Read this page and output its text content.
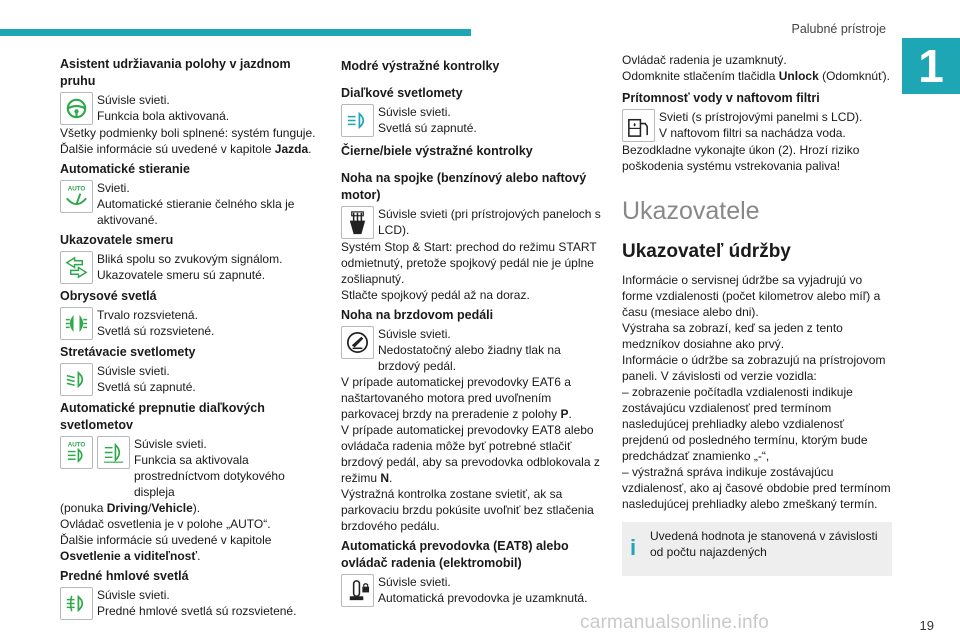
Palubné prístroje
1
Asistent udržiavania polohy v jazdnom pruhu

Súvisle svieti.

Funkcia bola aktivovaná.

Všetky podmienky boli splnené: systém funguje.

Ďalšie informácie sú uvedené v kapitole Jazda.

Automatické stieranie
AUTO Svieti.

Automatické stieranie čelného skla je aktivované.

Ukazovatele smeru

Bliká spolu so zvukovým signálom.

Ukazovatele smeru sú zapnuté.

Obrysové svetlá

Trvalo rozsvietená.

Svetlá sú rozsvietené.

Stretávacie svetlomety

Súvisle svieti.

Svetlá sú zapnuté.

Automatické prepnutie diaľkových svetlometov
AUTO	Súvisle svieti.

Funkcia sa aktivovala prostredníctvom dotykového displeja

(ponuka Driving/Vehicle).

Ovládač osvetlenia je v polohe „AUTO“.

Ďalšie informácie sú uvedené v kapitole Osvetlenie a viditeľnosť.

Predné hmlové svetlá

Súvisle svieti.

Predné hmlové svetlá sú rozsvietené.

Modré výstražné kontrolky
Diaľkové svetlomety

Súvisle svieti.

Svetlá sú zapnuté.

Čierne/biele výstražné kontrolky
Noha na spojke (benzínový alebo naftový motor)

Súvisle svieti (pri prístrojových paneloch s LCD).

Systém Stop & Start: prechod do režimu START odmietnutý, pretože spojkový pedál nie je úplne zošliapnutý.

Stlačte spojkový pedál až na doraz.

Noha na brzdovom pedáli

Súvisle svieti.

Nedostatočný alebo žiadny tlak na brzdový pedál.

V prípade automatickej prevodovky EAT6 a naštartovaného motora pred uvoľnením parkovacej brzdy na preradenie z polohy P.

V prípade automatickej prevodovky EAT8 alebo ovládača radenia môže byť potrebné stlačiť brzdový pedál, aby sa prevodovka odblokovala z režimu N.

Výstražná kontrolka zostane svietiť, ak sa parkovaciu brzdu pokúsite uvoľniť bez stlačenia brzdového pedálu.

Automatická prevodovka (EAT8) alebo ovládač radenia (elektromobil)

Súvisle svieti.

Automatická prevodovka je uzamknutá.

Ovládač radenia je uzamknutý.

Odomknite stlačením tlačidla Unlock (Odomknúť).

Prítomnosť vody v naftovom filtri

Svieti (s prístrojovými panelmi s LCD).

V naftovom filtri sa nachádza voda.

Bezodkladne vykonajte úkon (2). Hrozí riziko poškodenia systému vstrekovania paliva!

Ukazovatele
Ukazovateľ údržby

Informácie o servisnej údržbe sa vyjadrujú vo forme vzdialenosti (počet kilometrov alebo míľ) a času (mesiace alebo dni).

Výstraha sa zobrazí, keď sa jeden z tento medzníkov dosiahne ako prvý.

Informácie o údržbe sa zobrazujú na prístrojovom paneli. V závislosti od verzie vozidla:

– zobrazenie počítadla vzdialenosti indikuje zostávajúcu vzdialenosť pred termínom nasledujúcej prehliadky alebo vzdialenosť prejdenú od posledného termínu, ktorým bude predchádzať znamienko „-“,

– výstražná správa indikuje zostávajúcu vzdialenosť, ako aj časové obdobie pred termínom nasledujúcej prehliadky alebo zmeškaný termín.

i Uvedená hodnota je stanovená v závislosti od počtu najazdených
carmanualsonline.info	19
